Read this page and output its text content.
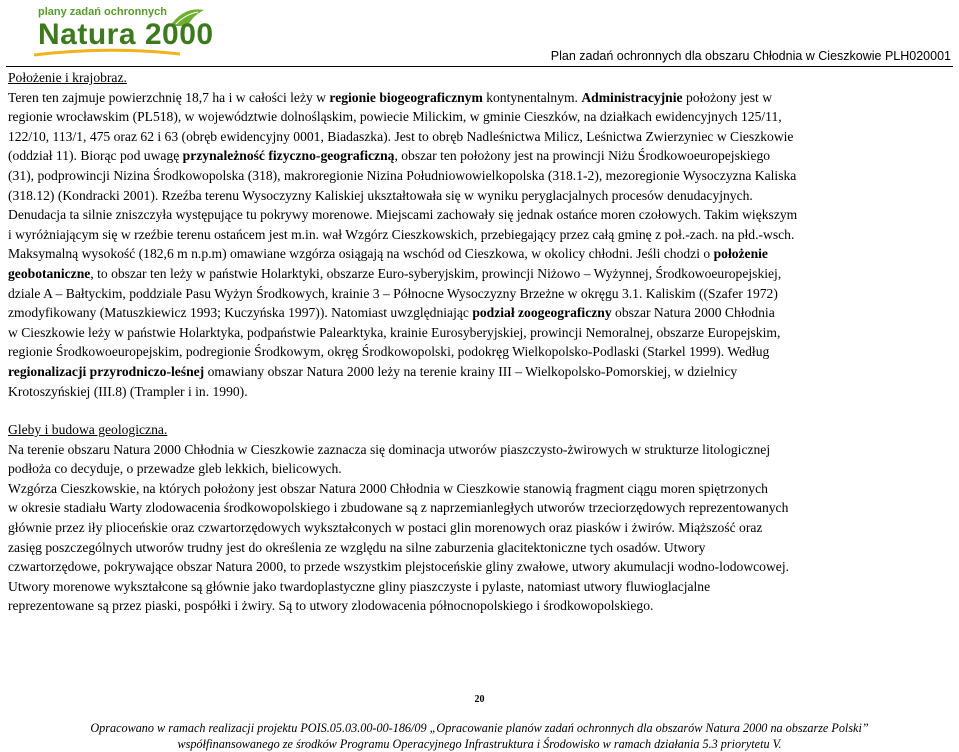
plany zadań ochronnych
Natura 2000
Plan zadań ochronnych dla obszaru Chłodnia w Cieszkowie PLH020001
Położenie i krajobraz.
Teren ten zajmuje powierzchnię 18,7 ha i w całości leży w regionie biogeograficznym kontynentalnym. Administracyjnie położony jest w
regionie wrocławskim (PL518), w województwie dolnośląskim, powiecie Milickim, w gminie Cieszków, na działkach ewidencyjnych 125/11,
122/10, 113/1, 475 oraz 62 i 63 (obręb ewidencyjny 0001, Biadaszka). Jest to obręb Nadleśnictwa Milicz, Leśnictwa Zwierzyniec w Cieszkowie
(oddział 11). Biorąc pod uwagę przynależność fizyczno-geograficzną, obszar ten położony jest na prowincji Niżu Środkowoeuropejskiego
(31), podprowincji Nizina Środkowopolska (318), makroregionie Nizina Południowowielkopolska (318.1-2), mezoregionie Wysoczyzna Kaliska
(318.12) (Kondracki 2001). Rzeźba terenu Wysoczyzny Kaliskiej ukształtowała się w wyniku peryglacjalnych procesów denudacyjnych.
Denudacja ta silnie zniszczyła występujące tu pokrywy morenowe. Miejscami zachowały się jednak ostańce moren czołowych. Takim większym
i wyróżniającym się w rzeźbie terenu ostańcem jest m.in. wał Wzgórz Cieszkowskich, przebiegający przez całą gminę z poł.-zach. na płd.-wsch.
Maksymalną wysokość (182,6 m n.p.m) omawiane wzgórza osiągają na wschód od Cieszkowa, w okolicy chłodni. Jeśli chodzi o położenie
geobotaniczne, to obszar ten leży w państwie Holarktyki, obszarze Euro-syberyjskim, prowincji Niżowo – Wyżynnej, Środkowoeuropejskiej,
dziale A – Bałtyckim, poddziale Pasu Wyżyn Środkowych, krainie 3 – Północne Wysoczyzny Brzeżne w okręgu 3.1. Kaliskim ((Szafer 1972)
zmodyfikowany (Matuszkiewicz 1993; Kuczyńska 1997)). Natomiast uwzględniając podział zoogeograficzny obszar Natura 2000 Chłodnia
w Cieszkowie leży w państwie Holarktyka, podpaństwie Palearktyka, krainie Eurosyberyjskiej, prowincji Nemoralnej, obszarze Europejskim,
regionie Środkowoeuropejskim, podregionie Środkowym, okręg Środkowopolski, podokręg Wielkopolsko-Podlaski (Starkel 1999). Według
regionalizacji przyrodniczo-leśnej omawiany obszar Natura 2000 leży na terenie krainy III – Wielkopolsko-Pomorskiej, w dzielnicy
Krotoszyńskiej (III.8) (Trampler i in. 1990).
Gleby i budowa geologiczna.
Na terenie obszaru Natura 2000 Chłodnia w Cieszkowie zaznacza się dominacja utworów piaszczysto-żwirowych w strukturze litologicznej
podłoża co decyduje, o przewadze gleb lekkich, bielicowych.
Wzgórza Cieszkowskie, na których położony jest obszar Natura 2000 Chłodnia w Cieszkowie stanowią fragment ciągu moren spiętrzonych
w okresie stadiału Warty zlodowacenia środkowopolskiego i zbudowane są z naprzemianległych utworów trzeciorzędowych reprezentowanych
głównie przez iły plioceńskie oraz czwartorzędowych wykształconych w postaci glin morenowych oraz piasków i żwirów. Miąższość oraz
zasięg poszczególnych utworów trudny jest do określenia ze względu na silne zaburzenia glacitektoniczne tych osadów. Utwory
czwartorzędowe, pokrywające obszar Natura 2000, to przede wszystkim plejstoceńskie gliny zwałowe, utwory akumulacji wodno-lodowcowej.
Utwory morenowe wykształcone są głównie jako twardoplastyczne gliny piaszczyste i pylaste, natomiast utwory fluwioglacjalne
reprezentowane są przez piaski, pospółki i żwiry. Są to utwory zlodowacenia północnopolskiego i środkowopolskiego.
20
Opracowano w ramach realizacji projektu POIS.05.03.00-00-186/09 „Opracowanie planów zadań ochronnych dla obszarów Natura 2000 na obszarze Polski”
współfinansowanego ze środków Programu Operacyjnego Infrastruktura i Środowisko w ramach działania 5.3 priorytetu V.
